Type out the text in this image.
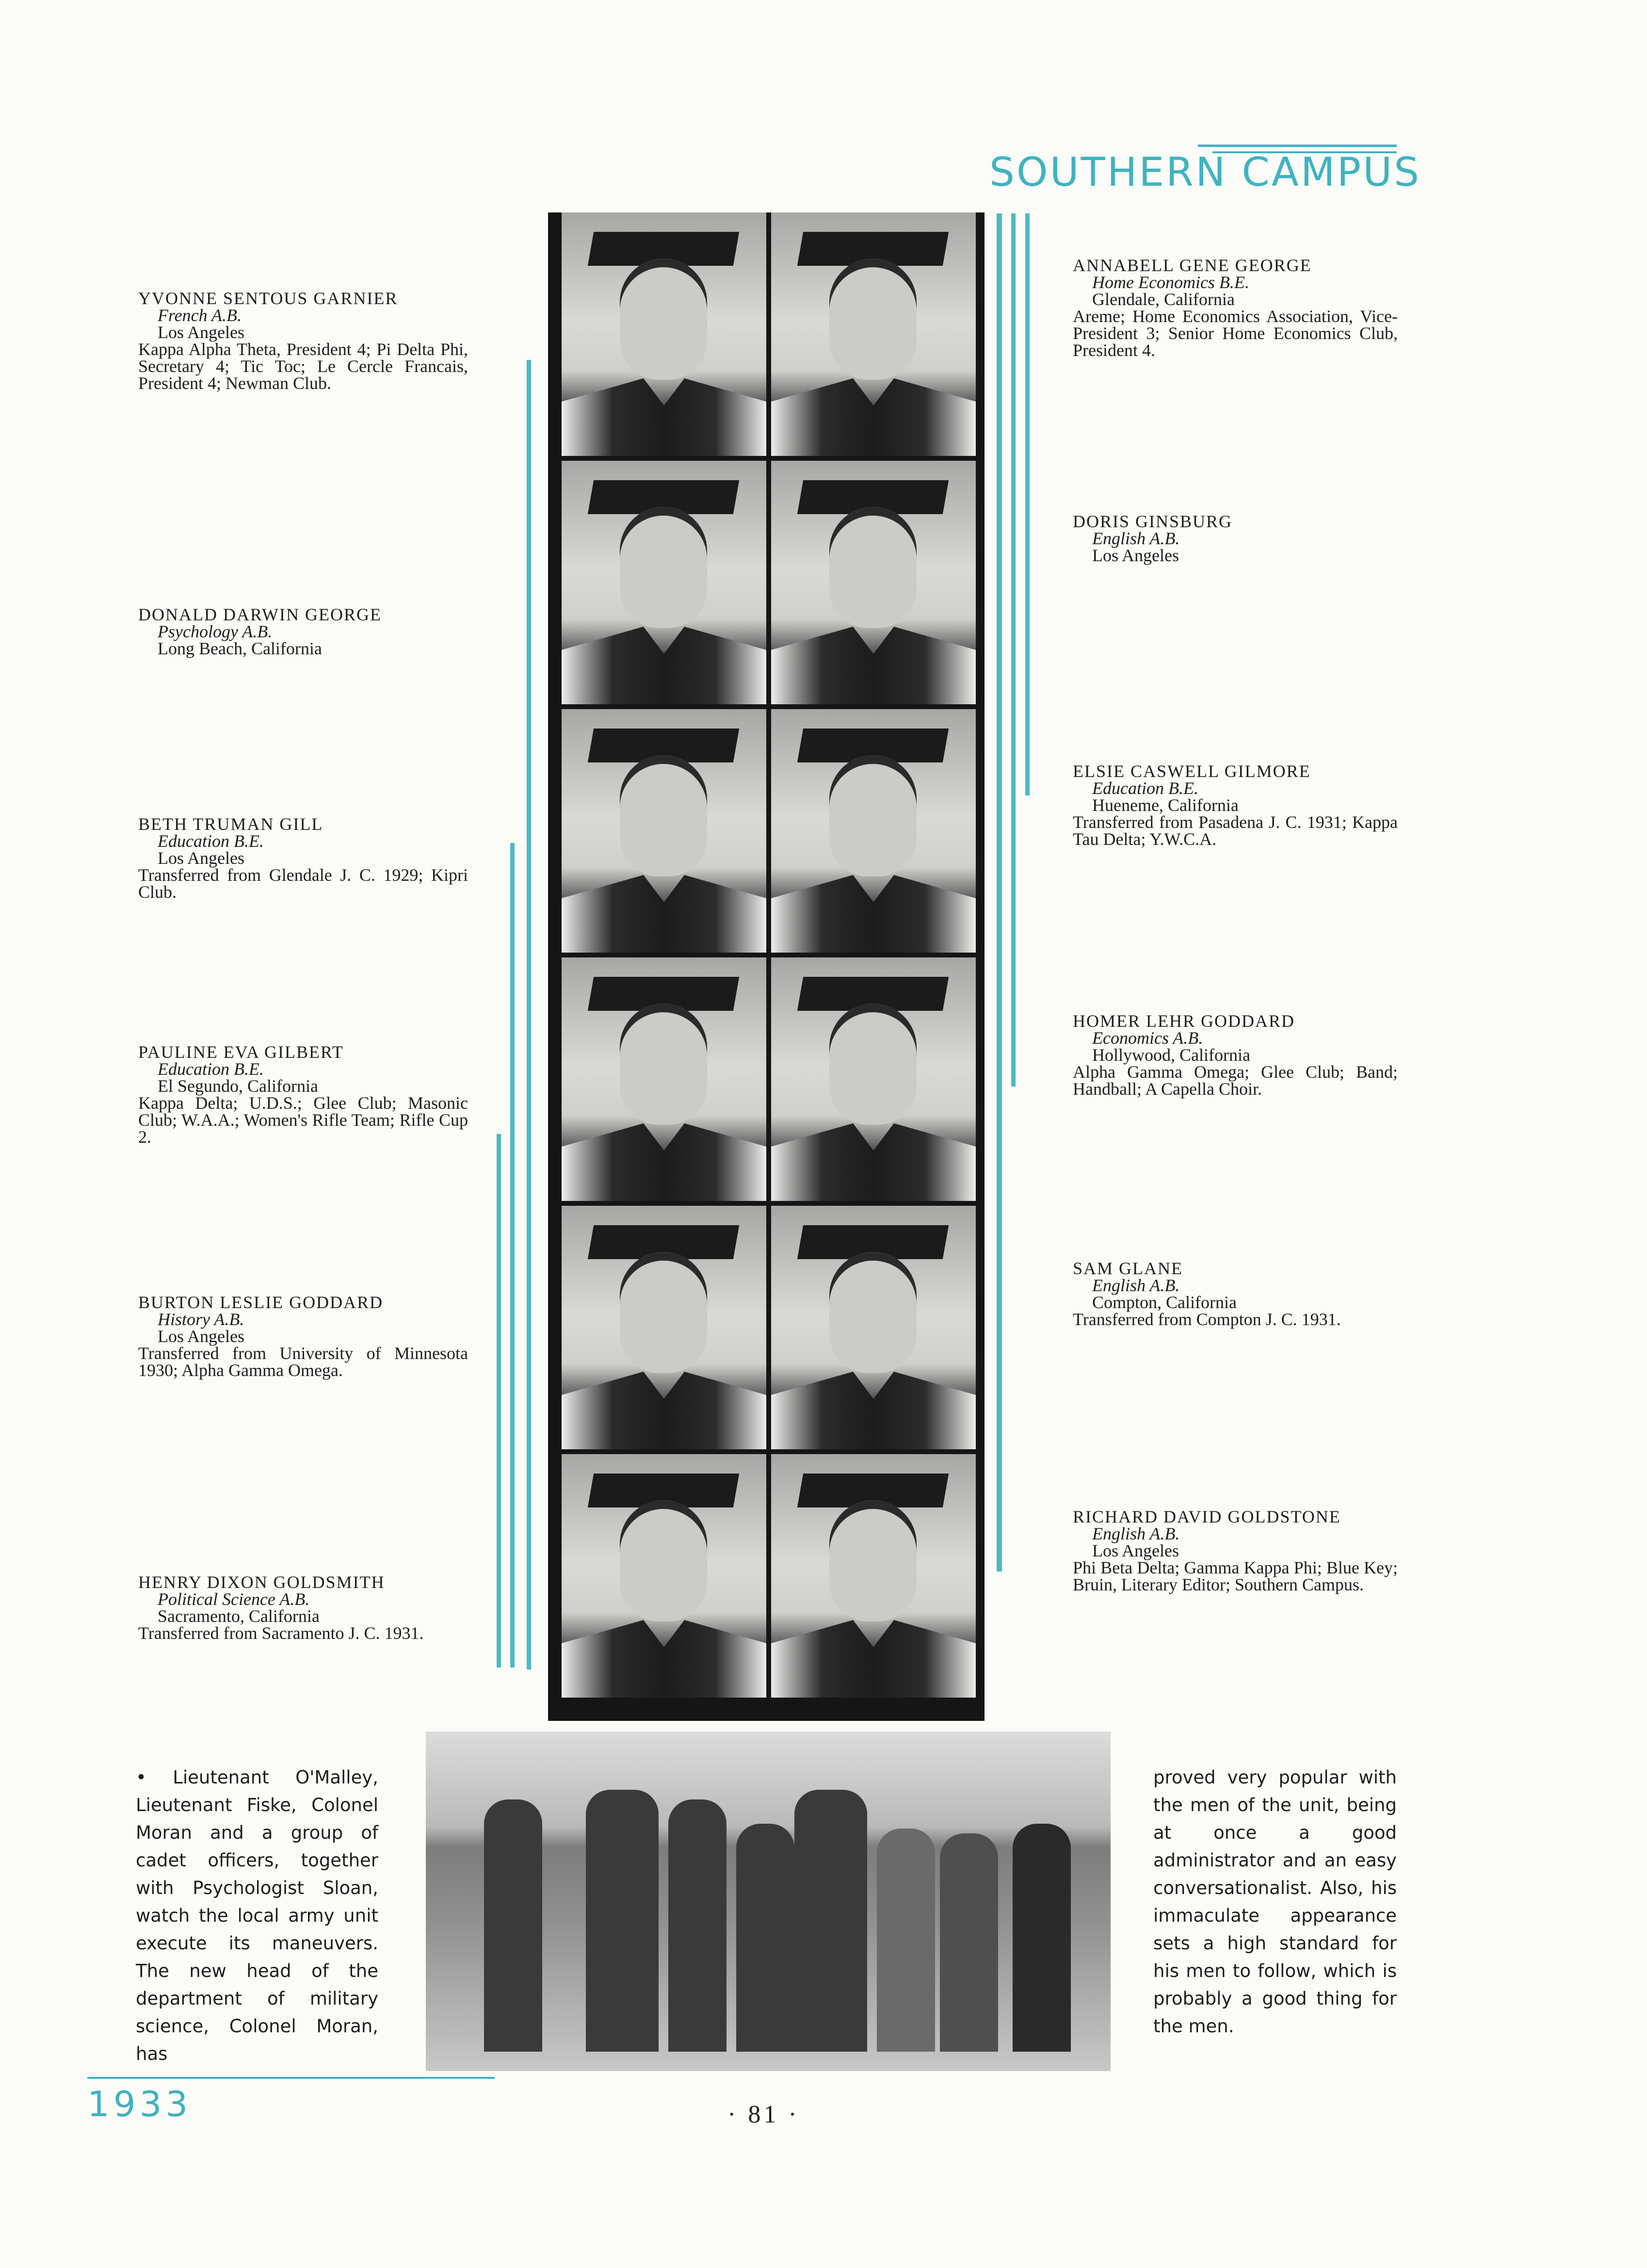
SOUTHERN CAMPUS
YVONNE SENTOUS GARNIER
French A.B.
Los Angeles
Kappa Alpha Theta, President 4; Pi Delta Phi, Secretary 4; Tic Toc; Le Cercle Francais, President 4; Newman Club.
DONALD DARWIN GEORGE
Psychology A.B.
Long Beach, California
BETH TRUMAN GILL
Education B.E.
Los Angeles
Transferred from Glendale J. C. 1929; Kipri Club.
PAULINE EVA GILBERT
Education B.E.
El Segundo, California
Kappa Delta; U.D.S.; Glee Club; Masonic Club; W.A.A.; Women's Rifle Team; Rifle Cup 2.
BURTON LESLIE GODDARD
History A.B.
Los Angeles
Transferred from University of Minnesota 1930; Alpha Gamma Omega.
HENRY DIXON GOLDSMITH
Political Science A.B.
Sacramento, California
Transferred from Sacramento J. C. 1931.
ANNABELL GENE GEORGE
Home Economics B.E.
Glendale, California
Areme; Home Economics Association, Vice-President 3; Senior Home Economics Club, President 4.
DORIS GINSBURG
English A.B.
Los Angeles
ELSIE CASWELL GILMORE
Education B.E.
Hueneme, California
Transferred from Pasadena J. C. 1931; Kappa Tau Delta; Y.W.C.A.
HOMER LEHR GODDARD
Economics A.B.
Hollywood, California
Alpha Gamma Omega; Glee Club; Band; Handball; A Capella Choir.
SAM GLANE
English A.B.
Compton, California
Transferred from Compton J. C. 1931.
RICHARD DAVID GOLDSTONE
English A.B.
Los Angeles
Phi Beta Delta; Gamma Kappa Phi; Blue Key; Bruin, Literary Editor; Southern Campus.
• Lieutenant O'Malley, Lieutenant Fiske, Colonel Moran and a group of cadet officers, together with Psychologist Sloan, watch the local army unit execute its maneuvers. The new head of the department of military science, Colonel Moran, has
proved very popular with the men of the unit, being at once a good administrator and an easy conversationalist. Also, his immaculate appearance sets a high standard for his men to follow, which is probably a good thing for the men.
1933	· 81 ·
